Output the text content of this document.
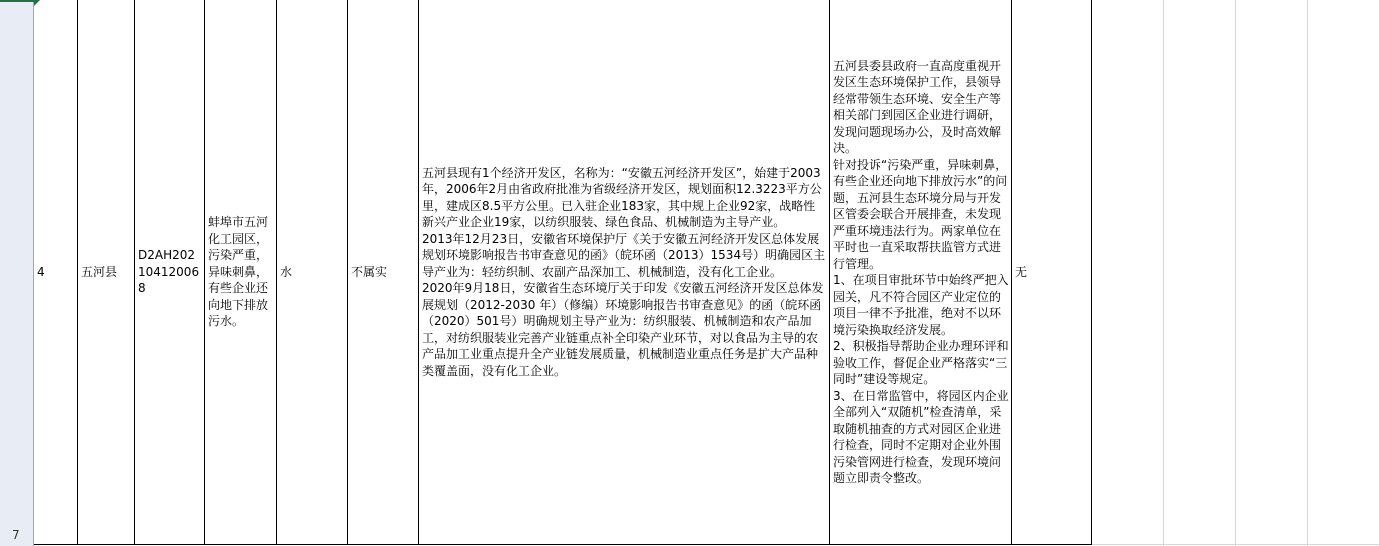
7
4	五河县
D2AH202104120068
蚌埠市五河化工园区，污染严重，异味刺鼻，有些企业还向地下排放污水。
水	不属实
五河县现有1个经济开发区，名称为：“安徽五河经济开发区”，始建于2003年，2006年2月由省政府批准为省级经济开发区，规划面积12.3223平方公里，建成区8.5平方公里。已入驻企业183家，其中规上企业92家，战略性新兴产业企业19家，以纺织服装、绿色食品、机械制造为主导产业。
2013年12月23日，安徽省环境保护厅《关于安徽五河经济开发区总体发展规划环境影响报告书审查意见的函》（皖环函（2013）1534号）明确园区主导产业为：轻纺织制、农副产品深加工、机械制造，没有化工企业。
2020年9月18日，安徽省生态环境厅关于印发《安徽五河经济开发区总体发展规划（2012-2030 年）（修编）环境影响报告书审查意见》的函（皖环函（2020）501号）明确规划主导产业为：纺织服装、机械制造和农产品加工，对纺织服装业完善产业链重点补全印染产业环节，对以食品为主导的农产品加工业重点提升全产业链发展质量，机械制造业重点任务是扩大产品种类覆盖面，没有化工企业。
五河县委县政府一直高度重视开发区生态环境保护工作，县领导经常带领生态环境、安全生产等相关部门到园区企业进行调研，发现问题现场办公，及时高效解决。
针对投诉“污染严重，异味刺鼻，有些企业还向地下排放污水”的问题，五河县生态环境分局与开发区管委会联合开展排查，未发现严重环境违法行为。两家单位在平时也一直采取帮扶监管方式进行管理。
1、在项目审批环节中始终严把入园关，凡不符合园区产业定位的项目一律不予批准，绝对不以环境污染换取经济发展。
2、积极指导帮助企业办理环评和验收工作，督促企业严格落实“三同时”建设等规定。
3、在日常监管中，将园区内企业全部列入“双随机”检查清单，采取随机抽查的方式对园区企业进行检查，同时不定期对企业外围污染管网进行检查，发现环境问题立即责令整改。
无
